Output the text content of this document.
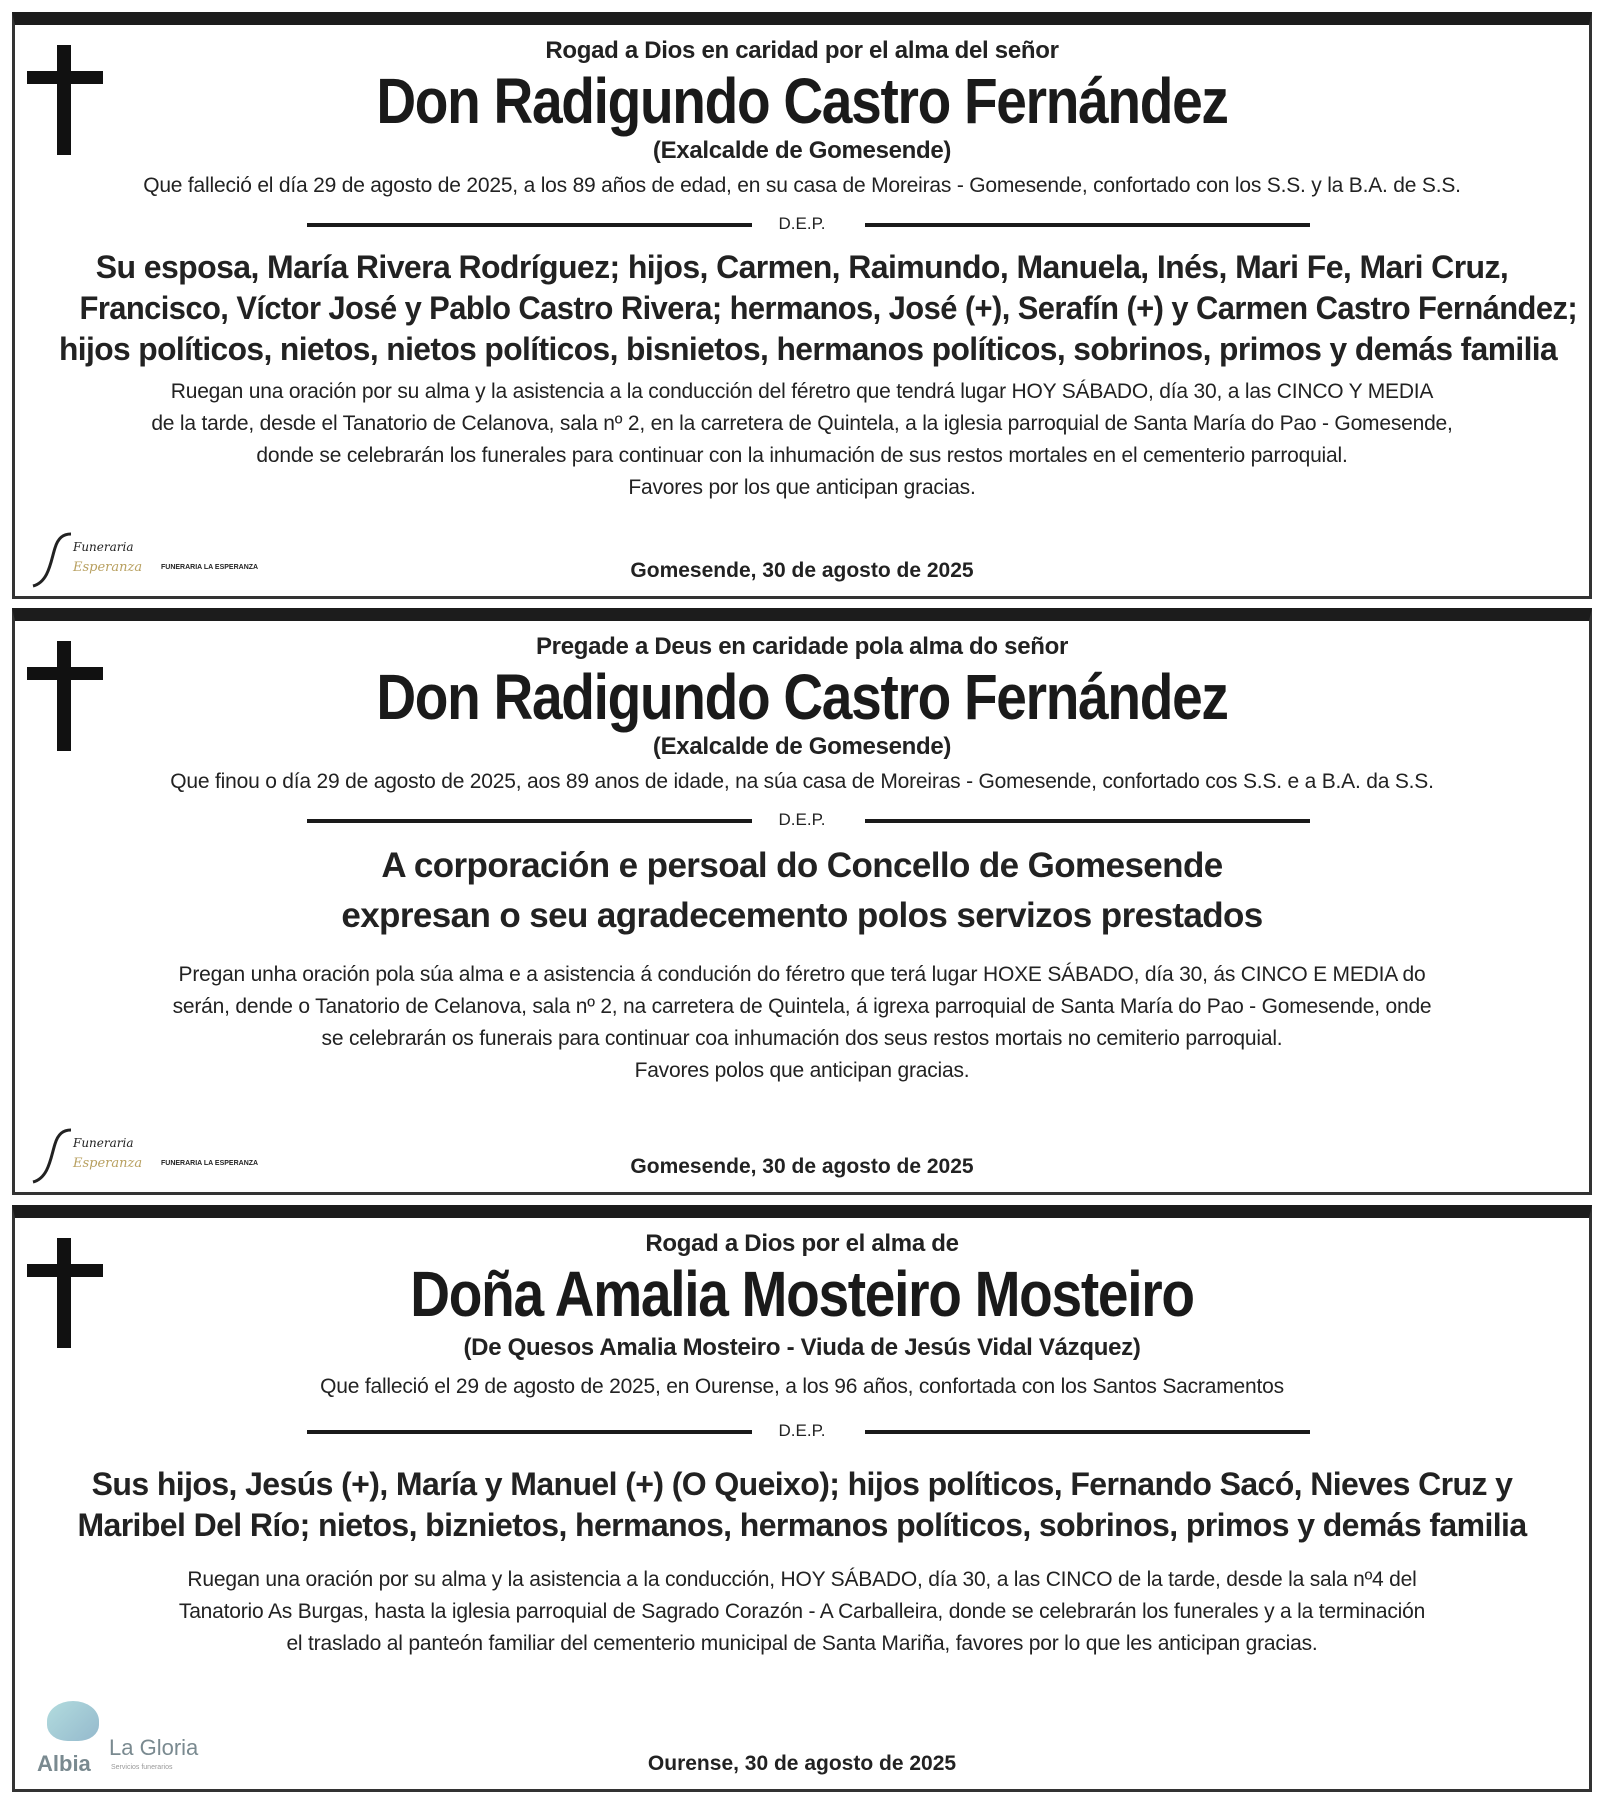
Rogad a Dios en caridad por el alma del señor
Don Radigundo Castro Fernández
(Exalcalde de Gomesende)
Que falleció el día 29 de agosto de 2025, a los 89 años de edad, en su casa de Moreiras - Gomesende, confortado con los S.S. y la B.A. de S.S.
D.E.P.
Su esposa, María Rivera Rodríguez; hijos, Carmen, Raimundo, Manuela, Inés, Mari Fe, Mari Cruz,
Francisco, Víctor José y Pablo Castro Rivera; hermanos, José (+), Serafín (+) y Carmen Castro Fernández;
hijos políticos, nietos, nietos políticos, bisnietos, hermanos políticos, sobrinos, primos y demás familia
Ruegan una oración por su alma y la asistencia a la conducción del féretro que tendrá lugar HOY SÁBADO, día 30, a las CINCO Y MEDIA
de la tarde, desde el Tanatorio de Celanova, sala nº 2, en la carretera de Quintela, a la iglesia parroquial de Santa María do Pao - Gomesende,
donde se celebrarán los funerales para continuar con la inhumación de sus restos mortales en el cementerio parroquial.
Favores por los que anticipan gracias.
Funeraria
Esperanza	FUNERARIA LA ESPERANZA	Gomesende, 30 de agosto de 2025
Pregade a Deus en caridade pola alma do señor
Don Radigundo Castro Fernández
(Exalcalde de Gomesende)
Que finou o día 29 de agosto de 2025, aos 89 anos de idade, na súa casa de Moreiras - Gomesende, confortado cos S.S. e a B.A. da S.S.
D.E.P.
A corporación e persoal do Concello de Gomesende
expresan o seu agradecemento polos servizos prestados
Pregan unha oración pola súa alma e a asistencia á condución do féretro que terá lugar HOXE SÁBADO, día 30, ás CINCO E MEDIA do
serán, dende o Tanatorio de Celanova, sala nº 2, na carretera de Quintela, á igrexa parroquial de Santa María do Pao - Gomesende, onde
se celebrarán os funerais para continuar coa inhumación dos seus restos mortais no cemiterio parroquial.
Favores polos que anticipan gracias.
Funeraria
Esperanza	FUNERARIA LA ESPERANZA	Gomesende, 30 de agosto de 2025
Rogad a Dios por el alma de
Doña Amalia Mosteiro Mosteiro
(De Quesos Amalia Mosteiro - Viuda de Jesús Vidal Vázquez)
Que falleció el 29 de agosto de 2025, en Ourense, a los 96 años, confortada con los Santos Sacramentos
D.E.P.
Sus hijos, Jesús (+), María y Manuel (+) (O Queixo); hijos políticos, Fernando Sacó, Nieves Cruz y
Maribel Del Río; nietos, biznietos, hermanos, hermanos políticos, sobrinos, primos y demás familia
Ruegan una oración por su alma y la asistencia a la conducción, HOY SÁBADO, día 30, a las CINCO de la tarde, desde la sala nº4 del
Tanatorio As Burgas, hasta la iglesia parroquial de Sagrado Corazón - A Carballeira, donde se celebrarán los funerales y a la terminación
el traslado al panteón familiar del cementerio municipal de Santa Mariña, favores por lo que les anticipan gracias.
Albia
La Gloria
Servicios funerarios	Ourense, 30 de agosto de 2025
